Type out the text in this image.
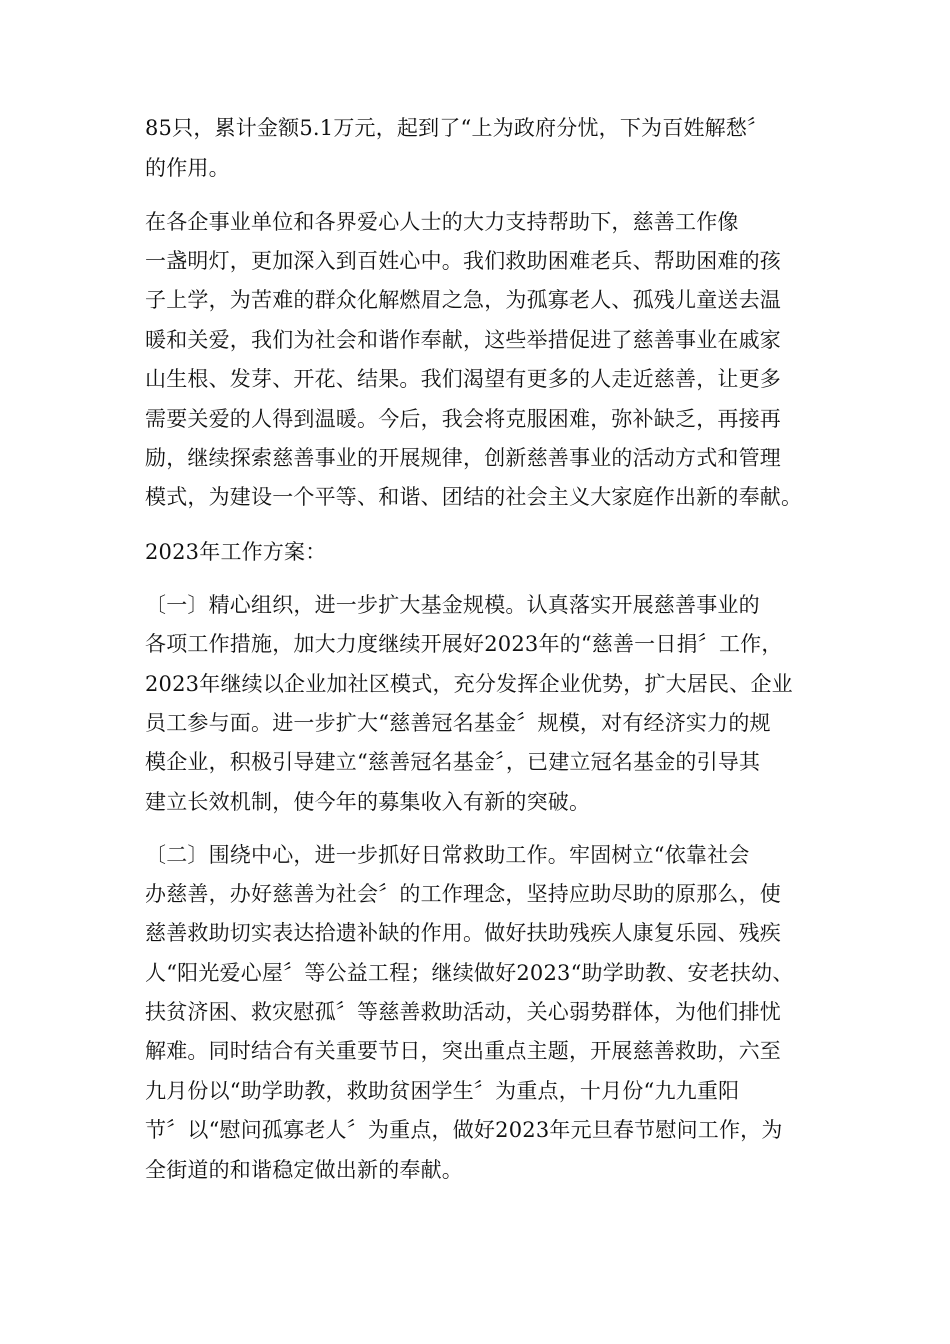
85只，累计金额5.1万元，起到了“上为政府分忧，下为百姓解愁〞
的作用。
在各企事业单位和各界爱心人士的大力支持帮助下，慈善工作像
一盏明灯，更加深入到百姓心中。我们救助困难老兵、帮助困难的孩
子上学，为苦难的群众化解燃眉之急，为孤寡老人、孤残儿童送去温
暖和关爱，我们为社会和谐作奉献，这些举措促进了慈善事业在戚家
山生根、发芽、开花、结果。我们渴望有更多的人走近慈善，让更多
需要关爱的人得到温暖。今后，我会将克服困难，弥补缺乏，再接再
励，继续探索慈善事业的开展规律，创新慈善事业的活动方式和管理
模式，为建设一个平等、和谐、团结的社会主义大家庭作出新的奉献。
2023年工作方案：
〔一〕精心组织，进一步扩大基金规模。认真落实开展慈善事业的
各项工作措施，加大力度继续开展好2023年的“慈善一日捐〞工作，
2023年继续以企业加社区模式，充分发挥企业优势，扩大居民、企业
员工参与面。进一步扩大“慈善冠名基金〞规模，对有经济实力的规
模企业，积极引导建立“慈善冠名基金〞，已建立冠名基金的引导其
建立长效机制，使今年的募集收入有新的突破。
〔二〕围绕中心，进一步抓好日常救助工作。牢固树立“依靠社会
办慈善，办好慈善为社会〞的工作理念，坚持应助尽助的原那么，使
慈善救助切实表达拾遗补缺的作用。做好扶助残疾人康复乐园、残疾
人“阳光爱心屋〞等公益工程；继续做好2023“助学助教、安老扶幼、
扶贫济困、救灾慰孤〞等慈善救助活动，关心弱势群体，为他们排忧
解难。同时结合有关重要节日，突出重点主题，开展慈善救助，六至
九月份以“助学助教，救助贫困学生〞为重点，十月份“九九重阳
节〞以“慰问孤寡老人〞为重点，做好2023年元旦春节慰问工作，为
全街道的和谐稳定做出新的奉献。
